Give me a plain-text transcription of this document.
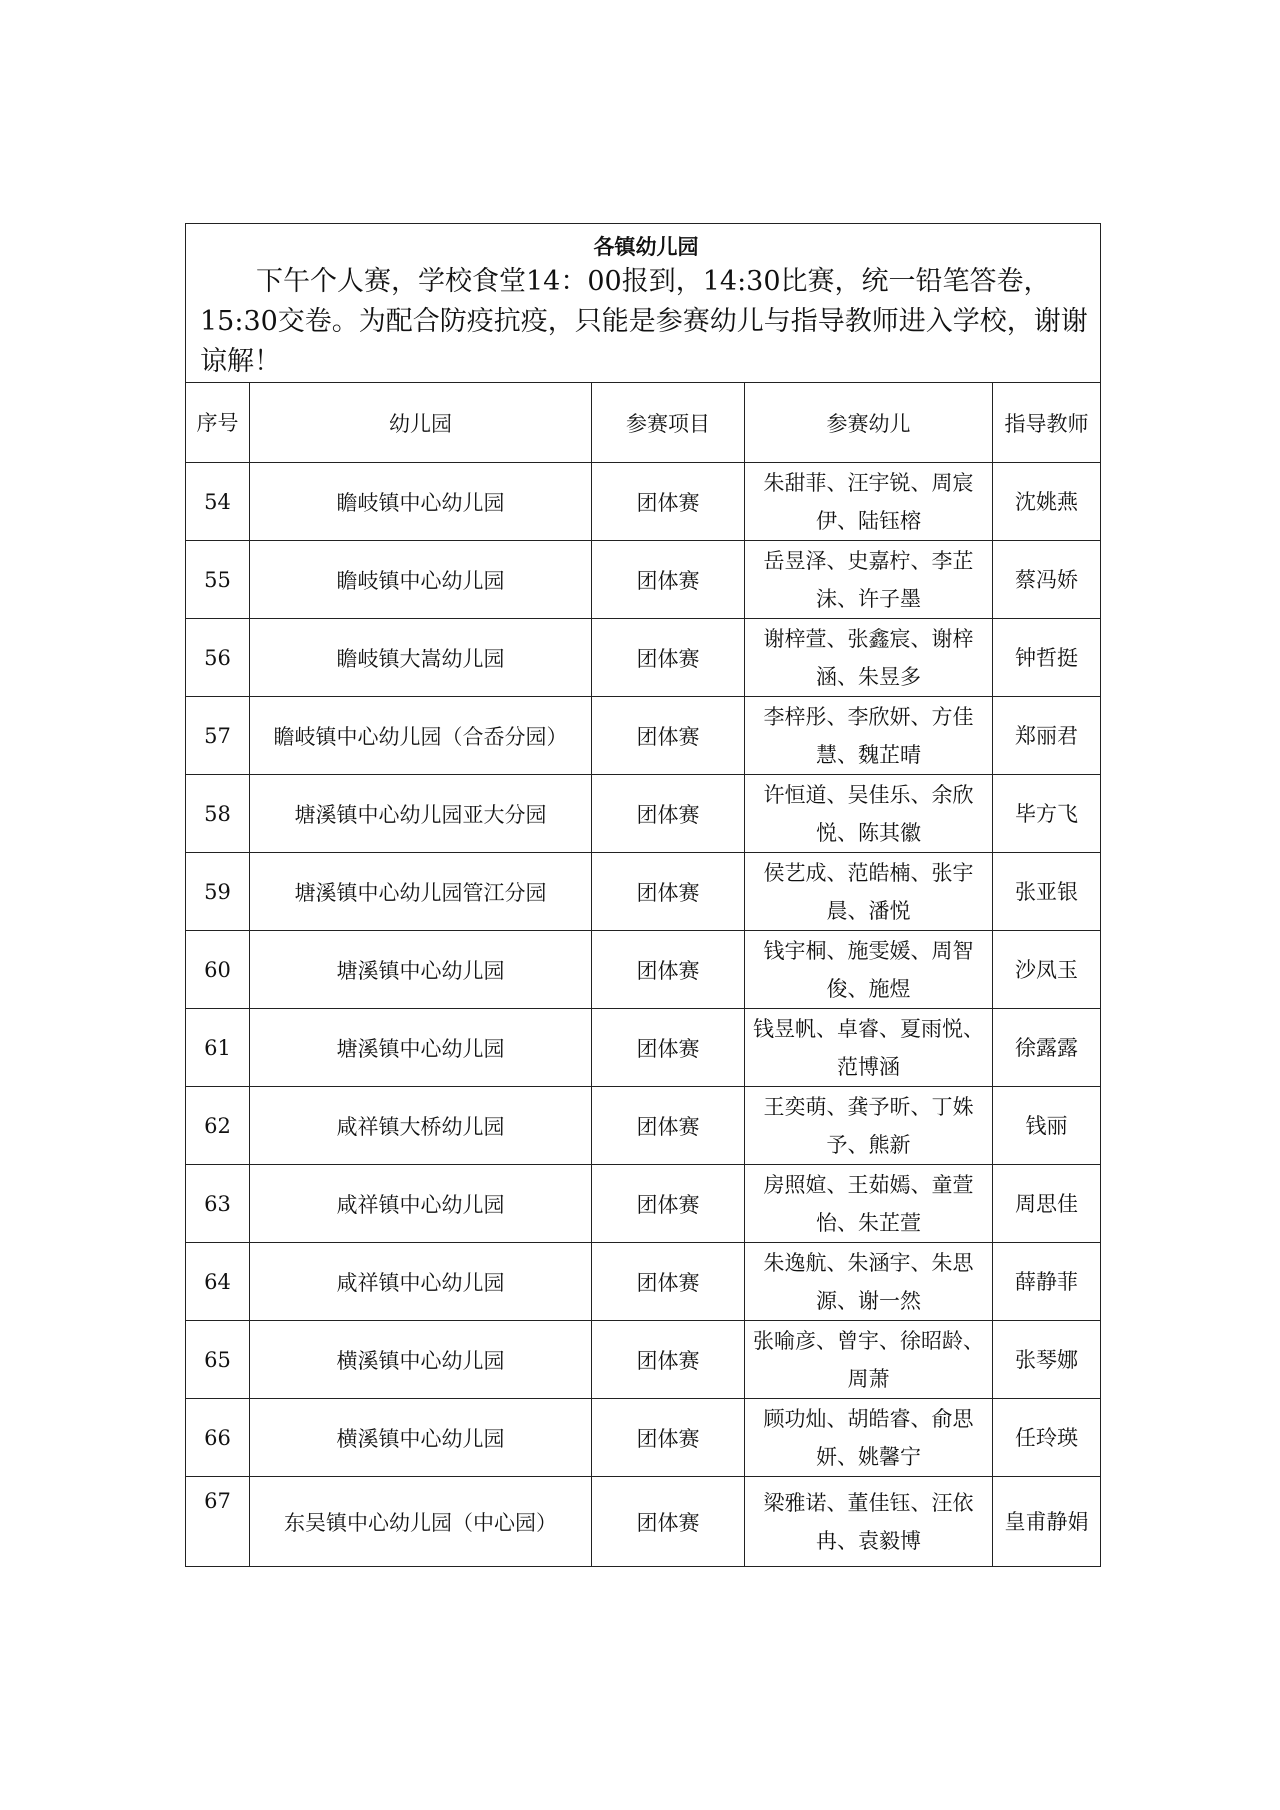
各镇幼儿园
下午个人赛，学校食堂14：00报到，14:30比赛，统一铅笔答卷，15:30交卷。为配合防疫抗疫，只能是参赛幼儿与指导教师进入学校，谢谢谅解！				

序号	幼儿园	参赛项目	参赛幼儿	指导教师
54	瞻岐镇中心幼儿园	团体赛	朱甜菲、汪宇锐、周宸伊、陆钰榕	沈姚燕
55	瞻岐镇中心幼儿园	团体赛	岳昱泽、史嘉柠、李芷沫、许子墨	蔡冯娇
56	瞻岐镇大嵩幼儿园	团体赛	谢梓萱、张鑫宸、谢梓涵、朱昱多	钟哲挺
57	瞻岐镇中心幼儿园（合岙分园）	团体赛	李梓彤、李欣妍、方佳慧、魏芷晴	郑丽君
58	塘溪镇中心幼儿园亚大分园	团体赛	许恒道、吴佳乐、余欣悦、陈其徽	毕方飞
59	塘溪镇中心幼儿园管江分园	团体赛	侯艺成、范皓楠、张宇晨、潘悦	张亚银
60	塘溪镇中心幼儿园	团体赛	钱宇桐、施雯媛、周智俊、施煜	沙凤玉
61	塘溪镇中心幼儿园	团体赛	钱昱帆、卓睿、夏雨悦、范博涵	徐露露
62	咸祥镇大桥幼儿园	团体赛	王奕萌、龚予昕、丁姝予、熊新	钱丽
63	咸祥镇中心幼儿园	团体赛	房照媗、王茹嫣、童萱怡、朱芷萱	周思佳
64	咸祥镇中心幼儿园	团体赛	朱逸航、朱涵宇、朱思源、谢一然	薛静菲
65	横溪镇中心幼儿园	团体赛	张喻彦、曾宇、徐昭龄、周萧	张琴娜
66	横溪镇中心幼儿园	团体赛	顾功灿、胡皓睿、俞思妍、姚馨宁	任玲瑛
67	东吴镇中心幼儿园（中心园）	团体赛	梁雅诺、董佳钰、汪依冉、袁毅博	皇甫静娟
